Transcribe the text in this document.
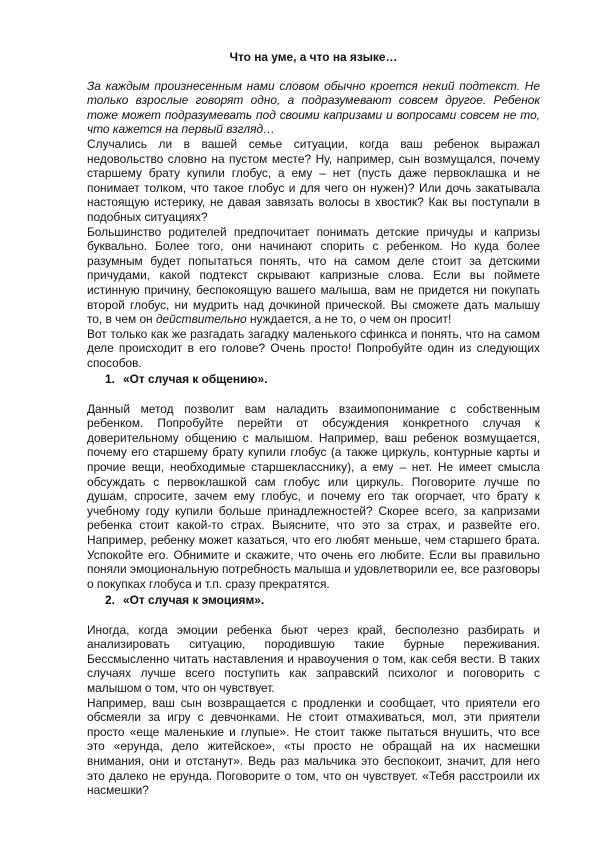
Что на уме, а что на языке…

За каждым произнесенным нами словом обычно кроется некий подтекст. Не только взрослые говорят одно, а подразумевают совсем другое. Ребенок тоже может подразумевать под своими капризами и вопросами совсем не то, что кажется на первый взгляд…

Случались ли в вашей семье ситуации, когда ваш ребенок выражал недовольство словно на пустом месте? Ну, например, сын возмущался, почему старшему брату купили глобус, а ему – нет (пусть даже первоклашка и не понимает толком, что такое глобус и для чего он нужен)? Или дочь закатывала настоящую истерику, не давая завязать волосы в хвостик? Как вы поступали в подобных ситуациях?

Большинство родителей предпочитает понимать детские причуды и капризы буквально. Более того, они начинают спорить с ребенком. Но куда более разумным будет попытаться понять, что на самом деле стоит за детскими причудами, какой подтекст скрывают капризные слова. Если вы поймете истинную причину, беспокоящую вашего малыша, вам не придется ни покупать второй глобус, ни мудрить над дочкиной прической. Вы сможете дать малышу то, в чем он действительно нуждается, а не то, о чем он просит!

Вот только как же разгадать загадку маленького сфинкса и понять, что на самом деле происходит в его голове? Очень просто! Попробуйте один из следующих способов.

1. «От случая к общению».

Данный метод позволит вам наладить взаимопонимание с собственным ребенком. Попробуйте перейти от обсуждения конкретного случая к доверительному общению с малышом. Например, ваш ребенок возмущается, почему его старшему брату купили глобус (а также циркуль, контурные карты и прочие вещи, необходимые старшекласснику), а ему – нет. Не имеет смысла обсуждать с первоклашкой сам глобус или циркуль. Поговорите лучше по душам, спросите, зачем ему глобус, и почему его так огорчает, что брату к учебному году купили больше принадлежностей? Скорее всего, за капризами ребенка стоит какой-то страх. Выясните, что это за страх, и развейте его. Например, ребенку может казаться, что его любят меньше, чем старшего брата. Успокойте его. Обнимите и скажите, что очень его любите. Если вы правильно поняли эмоциональную потребность малыша и удовлетворили ее, все разговоры о покупках глобуса и т.п. сразу прекратятся.

2. «От случая к эмоциям».

Иногда, когда эмоции ребенка бьют через край, бесполезно разбирать и анализировать ситуацию, породившую такие бурные переживания. Бессмысленно читать наставления и нравоучения о том, как себя вести. В таких случаях лучше всего поступить как заправский психолог и поговорить с малышом о том, что он чувствует.

Например, ваш сын возвращается с продленки и сообщает, что приятели его обсмеяли за игру с девчонками. Не стоит отмахиваться, мол, эти приятели просто «еще маленькие и глупые». Не стоит также пытаться внушить, что все это «ерунда, дело житейское», «ты просто не обращай на их насмешки внимания, они и отстанут». Ведь раз мальчика это беспокоит, значит, для него это далеко не ерунда. Поговорите о том, что он чувствует. «Тебя расстроили их насмешки?
